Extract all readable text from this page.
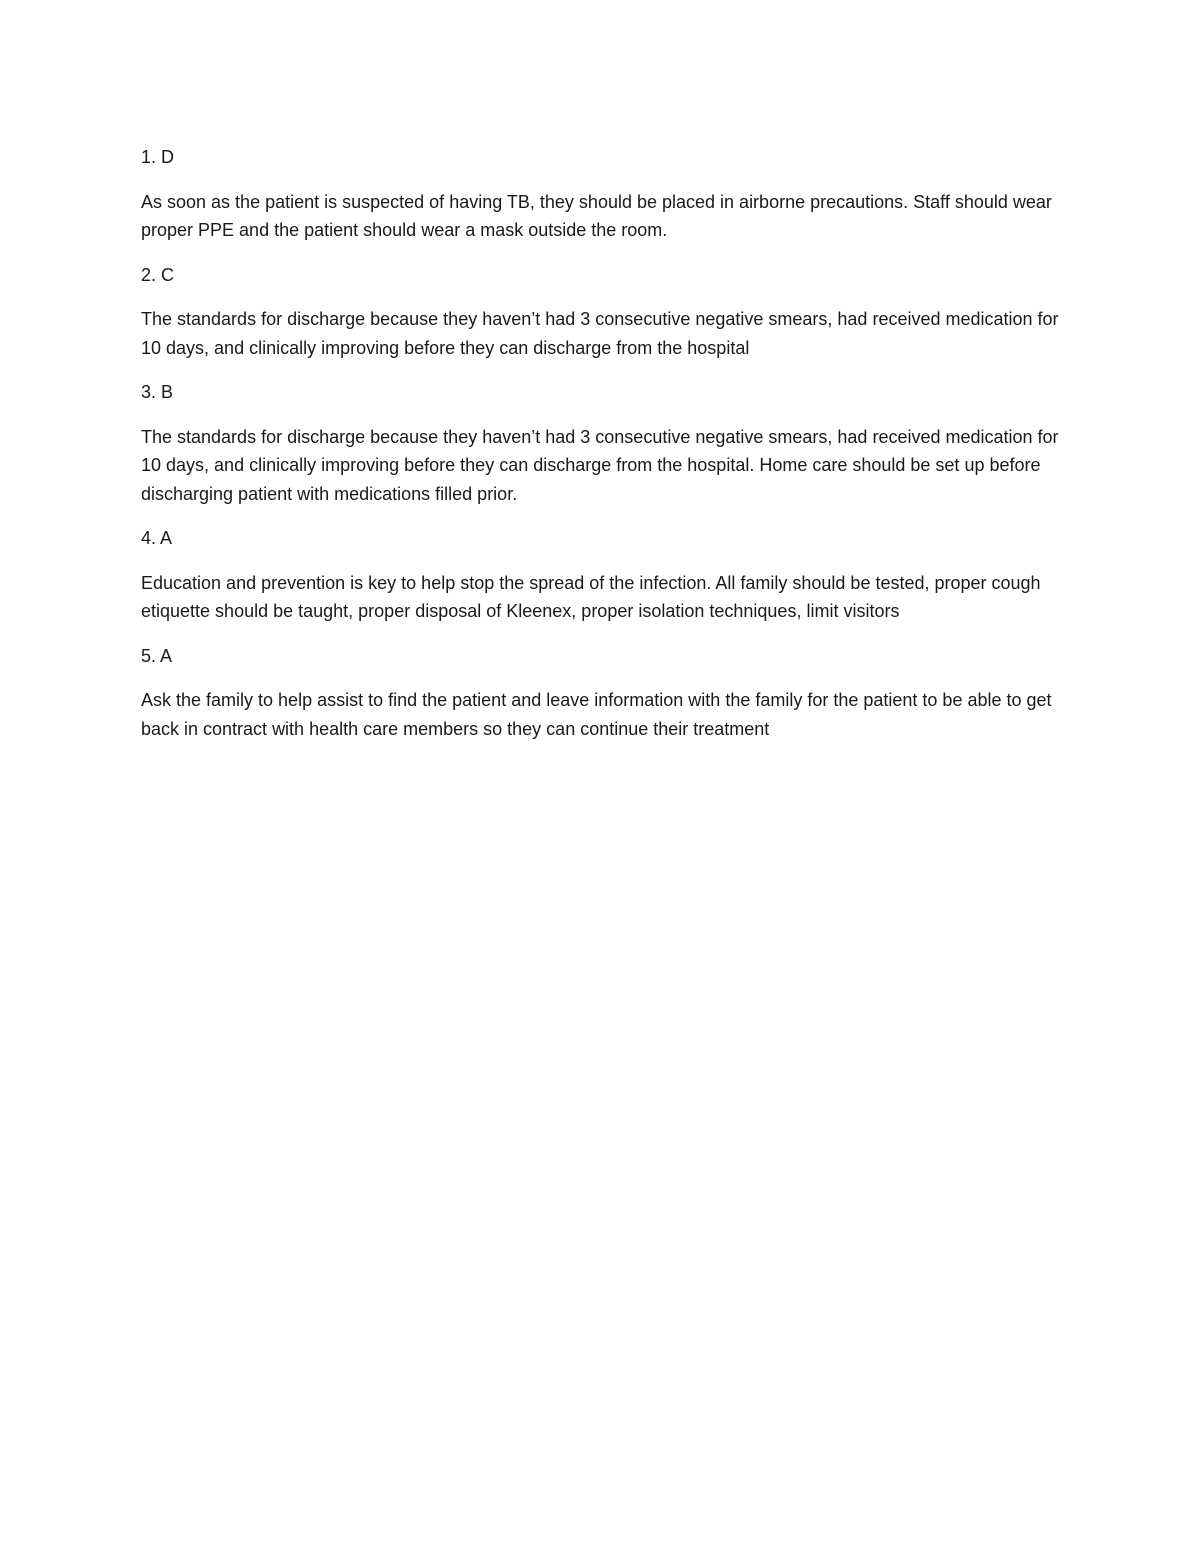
1. D

As soon as the patient is suspected of having TB, they should be placed in airborne precautions. Staff should wear proper PPE and the patient should wear a mask outside the room.

2. C

The standards for discharge because they haven’t had 3 consecutive negative smears, had received medication for 10 days, and clinically improving before they can discharge from the hospital

3. B

The standards for discharge because they haven’t had 3 consecutive negative smears, had received medication for 10 days, and clinically improving before they can discharge from the hospital. Home care should be set up before discharging patient with medications filled prior.

4. A

Education and prevention is key to help stop the spread of the infection. All family should be tested, proper cough etiquette should be taught, proper disposal of Kleenex, proper isolation techniques, limit visitors

5. A

Ask the family to help assist to find the patient and leave information with the family for the patient to be able to get back in contract with health care members so they can continue their treatment
